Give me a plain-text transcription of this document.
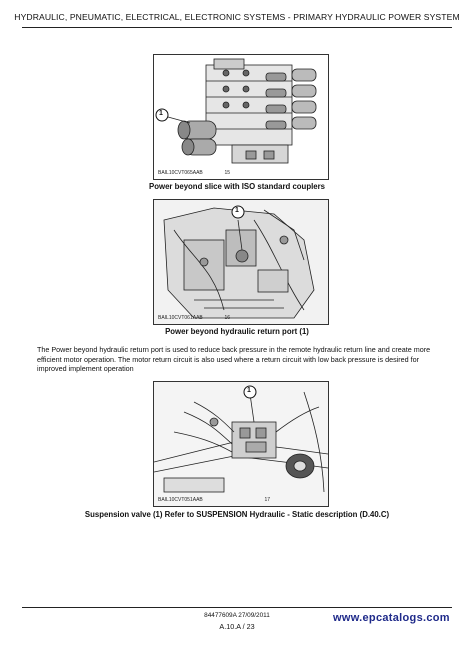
HYDRAULIC, PNEUMATIC, ELECTRICAL, ELECTRONIC SYSTEMS - PRIMARY HYDRAULIC POWER SYSTEM
1
BAIL10CVT065AAB	15
Power beyond slice with ISO standard couplers
1
BAIL10CVT061AAB	16
Power beyond hydraulic return port (1)
The Power beyond hydraulic return port is used to reduce back pressure in the remote hydraulic return line and create more efficient motor operation. The motor return circuit is also used where a return circuit with low back pressure is desired for improved implement operation
1
BAIL10CVT051AAB	17
Suspension valve (1) Refer to SUSPENSION Hydraulic - Static description (D.40.C)
84477609A 27/09/2011
A.10.A / 23
www.epcatalogs.com
